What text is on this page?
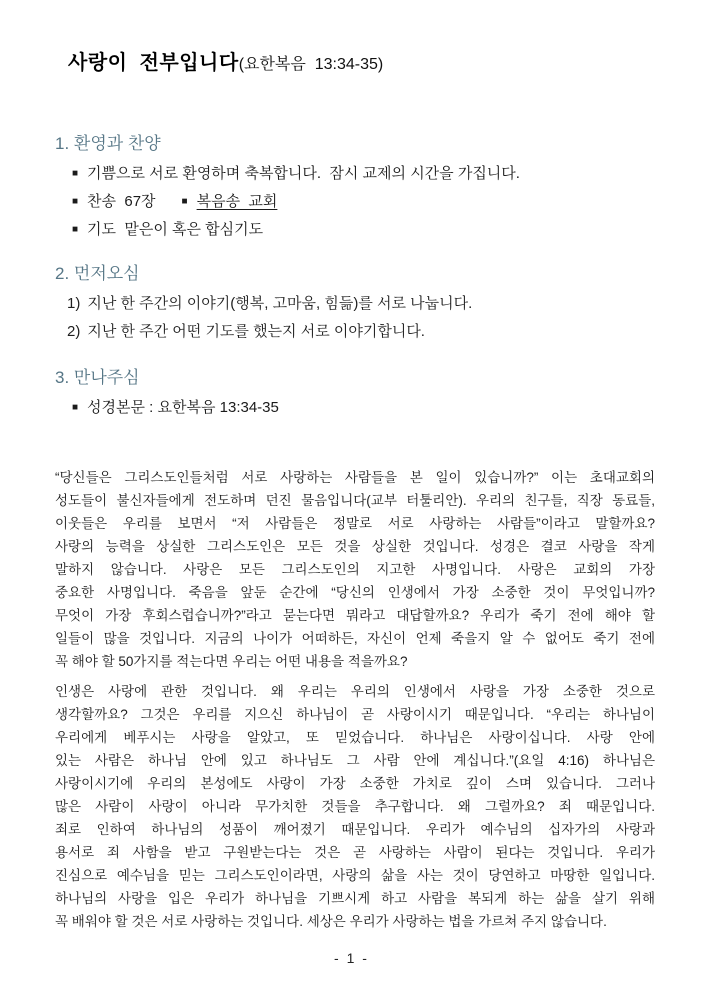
사랑이  전부입니다(요한복음  13:34-35)
1. 환영과 찬양
■ 기쁨으로 서로 환영하며 축복합니다.  잠시 교제의 시간을 가집니다.
■ 찬송  67장	■ 복음송  교회
■ 기도  맡은이 혹은 합심기도
2. 먼저오심
1) 지난 한 주간의 이야기(행복, 고마움, 힘듦)를 서로 나눕니다.
2) 지난 한 주간 어떤 기도를 했는지 서로 이야기합니다.
3. 만나주심
■ 성경본문 : 요한복음 13:34-35
“당신들은 그리스도인들처럼 서로 사랑하는 사람들을 본 일이 있습니까?” 이는 초대교회의
성도들이 불신자들에게 전도하며 던진 물음입니다(교부 터툴리안). 우리의 친구들, 직장 동료들,
이웃들은 우리를 보면서 “저 사람들은 정말로 서로 사랑하는 사람들”이라고 말할까요?
사랑의 능력을 상실한 그리스도인은 모든 것을 상실한 것입니다. 성경은 결코 사랑을 작게
말하지 않습니다. 사랑은 모든 그리스도인의 지고한 사명입니다. 사랑은 교회의 가장
중요한 사명입니다. 죽음을 앞둔 순간에 “당신의 인생에서 가장 소중한 것이 무엇입니까?
무엇이 가장 후회스럽습니까?”라고 묻는다면 뭐라고 대답할까요? 우리가 죽기 전에 해야 할
일들이 많을 것입니다. 지금의 나이가 어떠하든, 자신이 언제 죽을지 알 수 없어도 죽기 전에
꼭 해야 할 50가지를 적는다면 우리는 어떤 내용을 적을까요?
인생은 사랑에 관한 것입니다. 왜 우리는 우리의 인생에서 사랑을 가장 소중한 것으로
생각할까요? 그것은 우리를 지으신 하나님이 곧 사랑이시기 때문입니다. “우리는 하나님이
우리에게 베푸시는 사랑을 알았고, 또 믿었습니다. 하나님은 사랑이십니다. 사랑 안에
있는 사람은 하나님 안에 있고 하나님도 그 사람 안에 계십니다.”(요일 4:16) 하나님은
사랑이시기에 우리의 본성에도 사랑이 가장 소중한 가치로 깊이 스며 있습니다. 그러나
많은 사람이 사랑이 아니라 무가치한 것들을 추구합니다. 왜 그럴까요? 죄 때문입니다.
죄로 인하여 하나님의 성품이 깨어졌기 때문입니다. 우리가 예수님의 십자가의 사랑과
용서로 죄 사함을 받고 구원받는다는 것은 곧 사랑하는 사람이 된다는 것입니다. 우리가
진심으로 예수님을 믿는 그리스도인이라면, 사랑의 삶을 사는 것이 당연하고 마땅한 일입니다.
하나님의 사랑을 입은 우리가 하나님을 기쁘시게 하고 사람을 복되게 하는 삶을 살기 위해
꼭 배워야 할 것은 서로 사랑하는 것입니다. 세상은 우리가 사랑하는 법을 가르쳐 주지 않습니다.
- 1 -
